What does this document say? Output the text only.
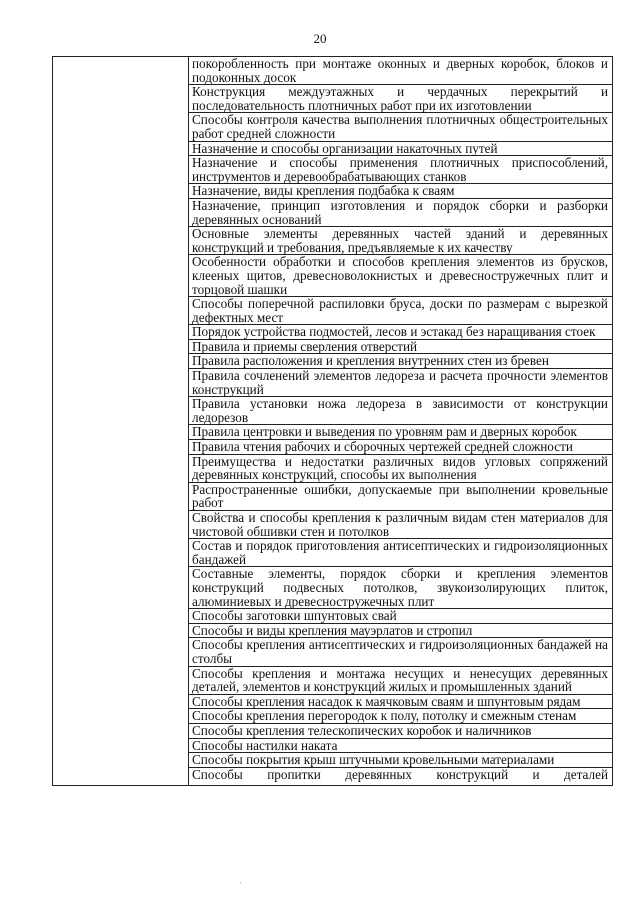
20
	покоробленность при монтаже оконных и дверных коробок, блоков и подоконных досок
Конструкция междуэтажных и чердачных перекрытий и последовательность плотничных работ при их изготовлении
Способы контроля качества выполнения плотничных общестроительных работ средней сложности
Назначение и способы организации накаточных путей
Назначение и способы применения плотничных приспособлений, инструментов и деревообрабатывающих станков
Назначение, виды крепления подбабка к сваям
Назначение, принцип изготовления и порядок сборки и разборки деревянных оснований
Основные элементы деревянных частей зданий и деревянных конструкций и требования, предъявляемые к их качеству
Особенности обработки и способов крепления элементов из брусков, клееных щитов, древесноволокнистых и древесностружечных плит и торцовой шашки
Способы поперечной распиловки бруса, доски по размерам с вырезкой дефектных мест
Порядок устройства подмостей, лесов и эстакад без наращивания стоек
Правила и приемы сверления отверстий
Правила расположения и крепления внутренних стен из бревен
Правила сочленений элементов ледореза и расчета прочности элементов конструкций
Правила установки ножа ледореза в зависимости от конструкции ледорезов
Правила центровки и выведения по уровням рам и дверных коробок
Правила чтения рабочих и сборочных чертежей средней сложности
Преимущества и недостатки различных видов угловых сопряжений деревянных конструкций, способы их выполнения
Распространенные ошибки, допускаемые при выполнении кровельные работ
Свойства и способы крепления к различным видам стен материалов для чистовой обшивки стен и потолков
Состав и порядок приготовления антисептических и гидроизоляционных бандажей
Составные элементы, порядок сборки и крепления элементов конструкций подвесных потолков, звукоизолирующих плиток, алюминиевых и древесностружечных плит
Способы заготовки шпунтовых свай
Способы и виды крепления мауэрлатов и стропил
Способы крепления антисептических и гидроизоляционных бандажей на столбы
Способы крепления и монтажа несущих и ненесущих деревянных деталей, элементов и конструкций жилых и промышленных зданий
Способы крепления насадок к маячковым сваям и шпунтовым рядам
Способы крепления перегородок к полу, потолку и смежным стенам
Способы крепления телескопических коробок и наличников
Способы настилки наката
Способы покрытия крыш штучными кровельными материалами

Способы пропитки деревянных конструкций и деталей
·
